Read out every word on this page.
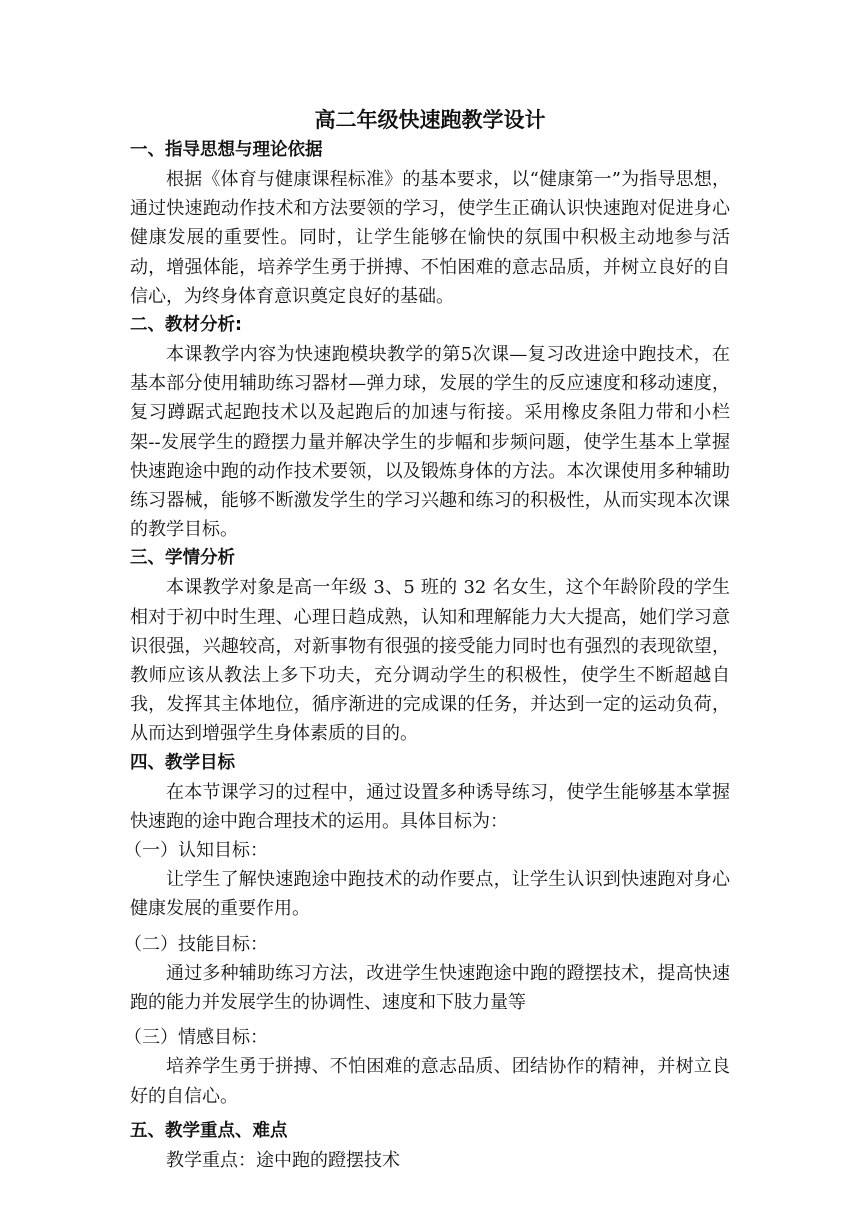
高二年级快速跑教学设计
一、指导思想与理论依据

根据《体育与健康课程标准》的基本要求，以“健康第一”为指导思想，通过快速跑动作技术和方法要领的学习，使学生正确认识快速跑对促进身心健康发展的重要性。同时，让学生能够在愉快的氛围中积极主动地参与活动，增强体能，培养学生勇于拼搏、不怕困难的意志品质，并树立良好的自信心，为终身体育意识奠定良好的基础。

二、教材分析:

本课教学内容为快速跑模块教学的第5次课—复习改进途中跑技术，在基本部分使用辅助练习器材—弹力球，发展的学生的反应速度和移动速度，复习蹲踞式起跑技术以及起跑后的加速与衔接。采用橡皮条阻力带和小栏架--发展学生的蹬摆力量并解决学生的步幅和步频问题，使学生基本上掌握快速跑途中跑的动作技术要领，以及锻炼身体的方法。本次课使用多种辅助练习器械，能够不断激发学生的学习兴趣和练习的积极性，从而实现本次课的教学目标。

三、学情分析

本课教学对象是高一年级 3、5 班的 32 名女生，这个年龄阶段的学生相对于初中时生理、心理日趋成熟，认知和理解能力大大提高，她们学习意识很强，兴趣较高，对新事物有很强的接受能力同时也有强烈的表现欲望，教师应该从教法上多下功夫，充分调动学生的积极性，使学生不断超越自我，发挥其主体地位，循序渐进的完成课的任务，并达到一定的运动负荷，从而达到增强学生身体素质的目的。

四、教学目标

在本节课学习的过程中，通过设置多种诱导练习，使学生能够基本掌握快速跑的途中跑合理技术的运用。具体目标为：

（一）认知目标：

让学生了解快速跑途中跑技术的动作要点，让学生认识到快速跑对身心健康发展的重要作用。

（二）技能目标：

通过多种辅助练习方法，改进学生快速跑途中跑的蹬摆技术，提高快速跑的能力并发展学生的协调性、速度和下肢力量等

（三）情感目标：

培养学生勇于拼搏、不怕困难的意志品质、团结协作的精神，并树立良好的自信心。

五、教学重点、难点

教学重点：途中跑的蹬摆技术
